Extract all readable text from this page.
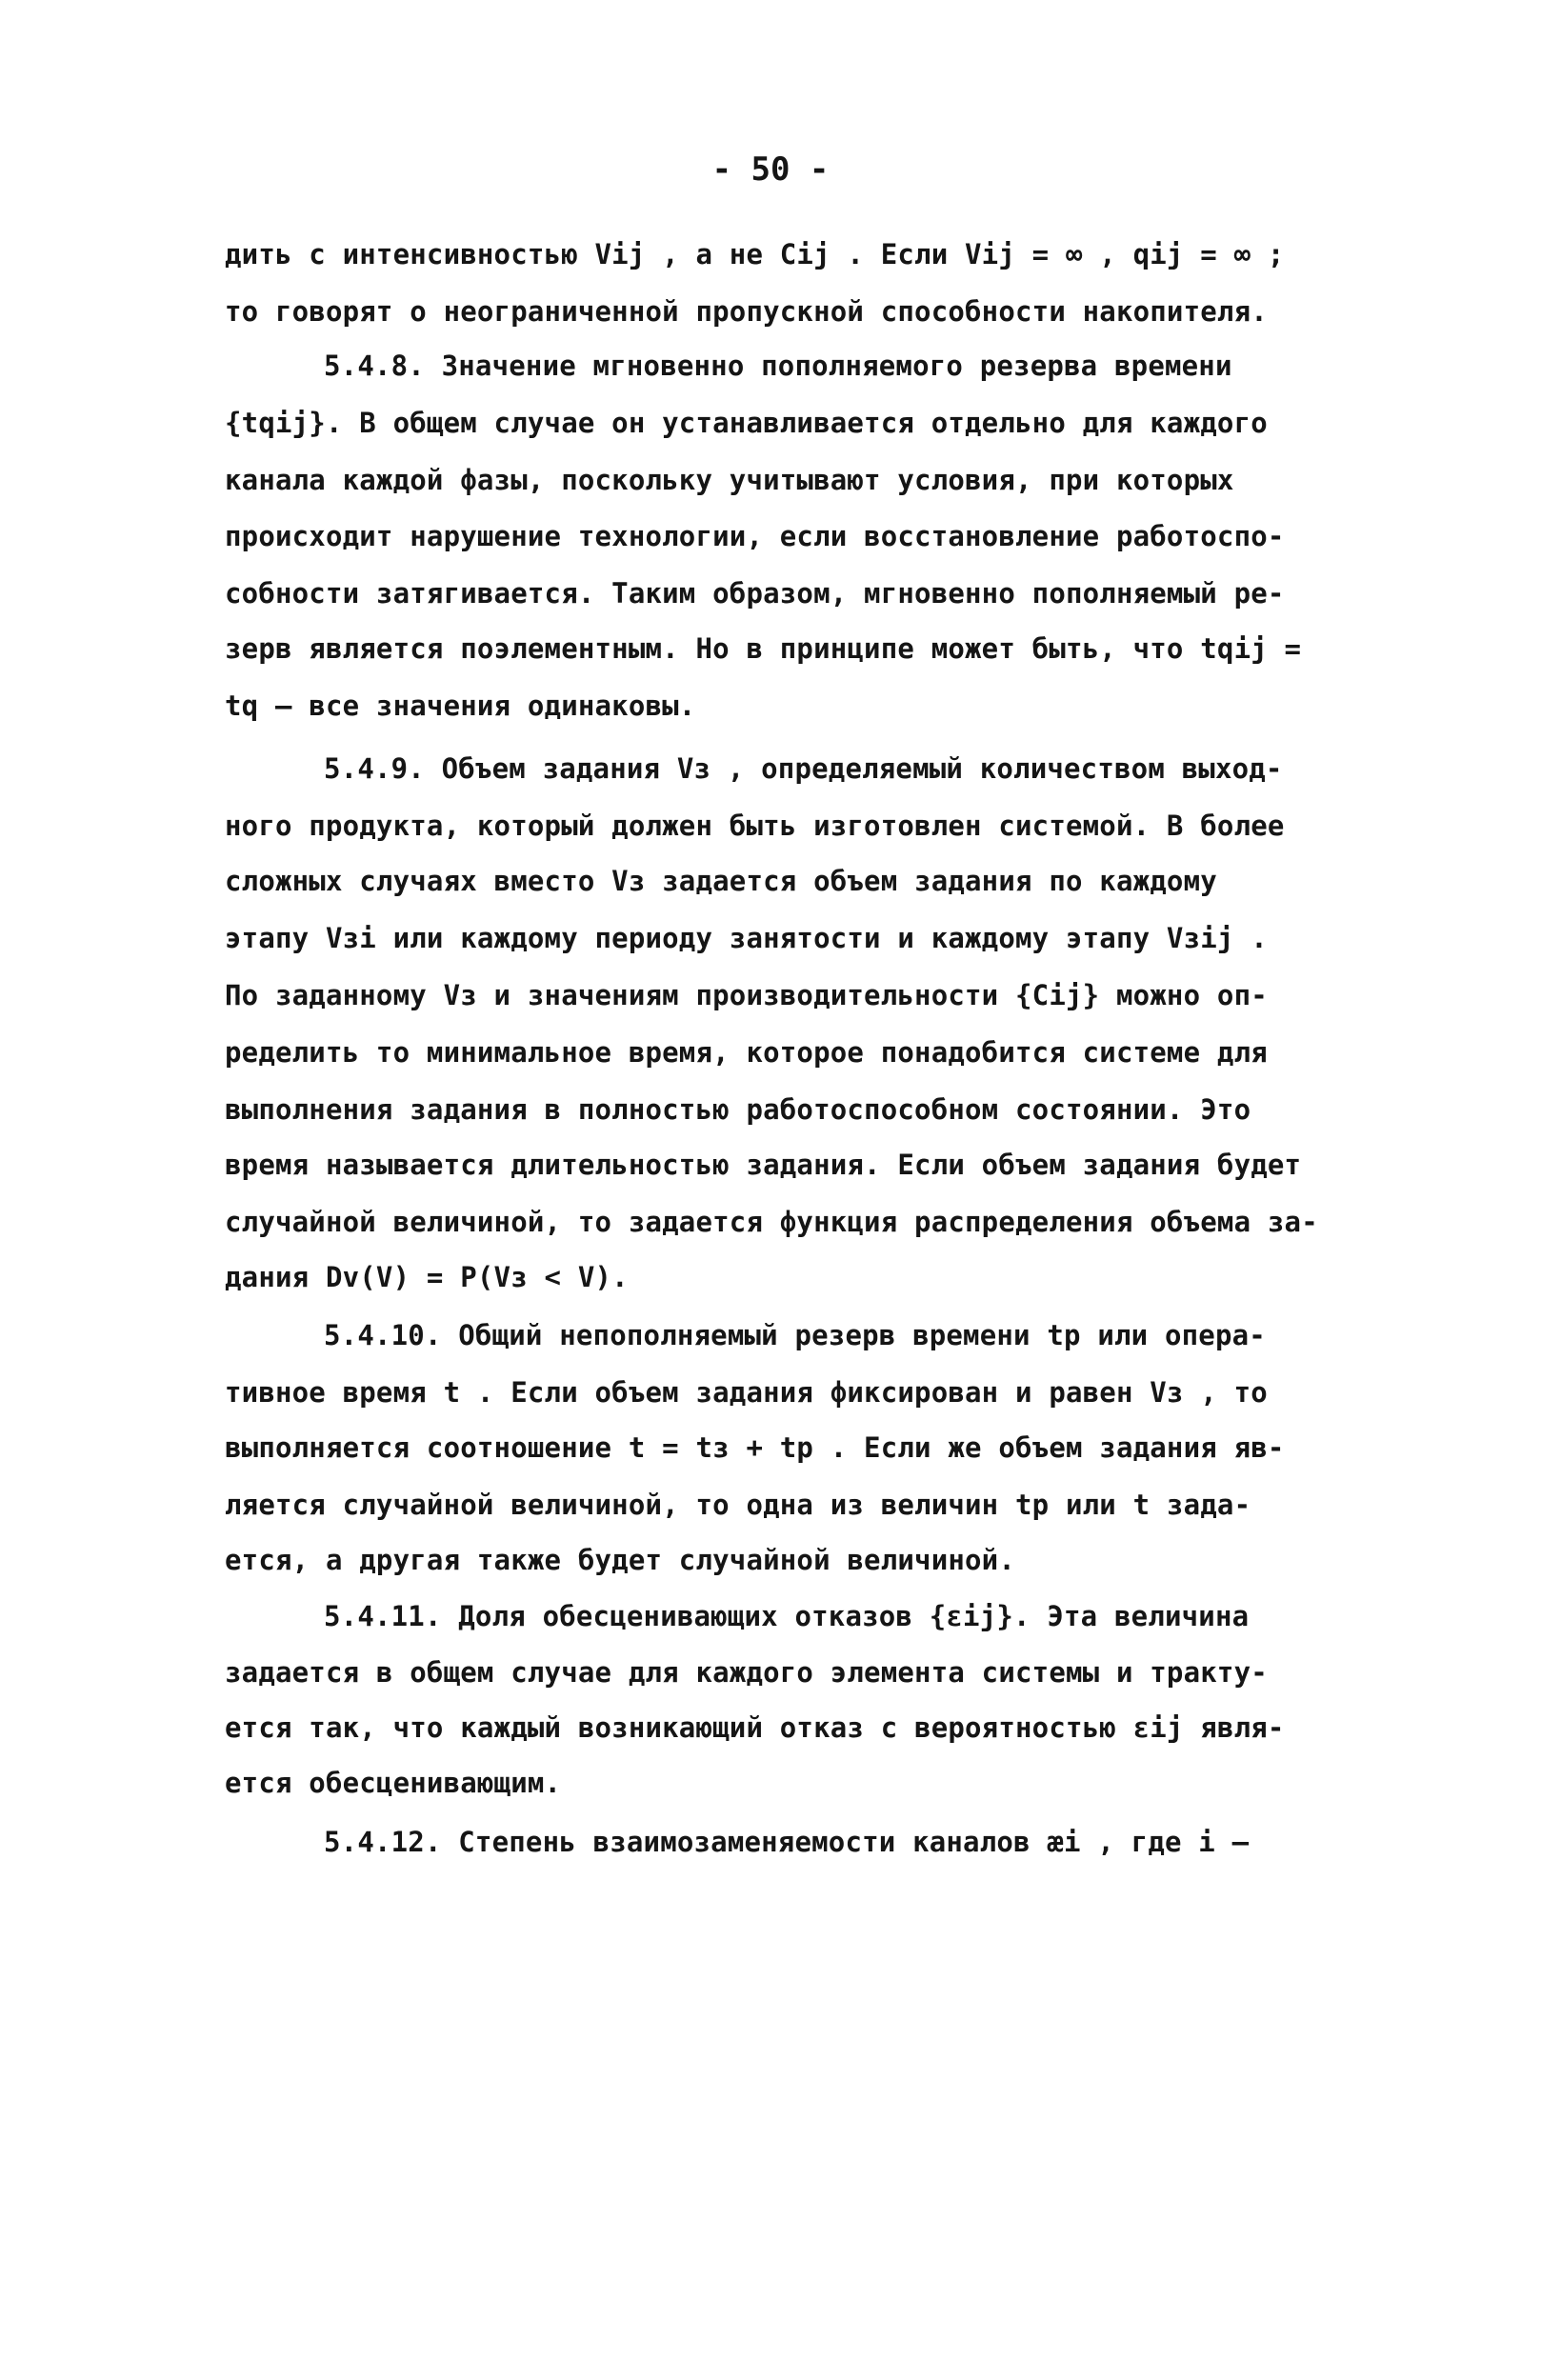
- 50 -
дить с интенсивностью Vij , а не Cij . Если Vij = ∞ , qij = ∞ ;
то говорят о неограниченной пропускной способности накопителя.
5.4.8. Значение мгновенно пополняемого резерва времени
{tqij}. В общем случае он устанавливается отдельно для каждого
канала каждой фазы, поскольку учитывают условия, при которых
происходит нарушение технологии, если восстановление работоспо-
собности затягивается. Таким образом, мгновенно пополняемый ре-
зерв является поэлементным. Но в принципе может быть, что tqij =
tq – все значения одинаковы.
5.4.9. Объем задания Vз , определяемый количеством выход-
ного продукта, который должен быть изготовлен системой. В более
сложных случаях вместо Vз задается объем задания по каждому
этапу Vзi или каждому периоду занятости и каждому этапу Vзij .
По заданному Vз и значениям производительности {Cij} можно оп-
ределить то минимальное время, которое понадобится системе для
выполнения задания в полностью работоспособном состоянии. Это
время называется длительностью задания. Если объем задания будет
случайной величиной, то задается функция распределения объема за-
дания Dv(V) = P(Vз < V).
5.4.10. Общий непополняемый резерв времени tp или опера-
тивное время t . Если объем задания фиксирован и равен Vз , то
выполняется соотношение t = tз + tp . Если же объем задания яв-
ляется случайной величиной, то одна из величин tp или t зада-
ется, а другая также будет случайной величиной.
5.4.11. Доля обесценивающих отказов {εij}. Эта величина
задается в общем случае для каждого элемента системы и тракту-
ется так, что каждый возникающий отказ с вероятностью εij явля-
ется обесценивающим.
5.4.12. Степень взаимозаменяемости каналов æi , где i –
